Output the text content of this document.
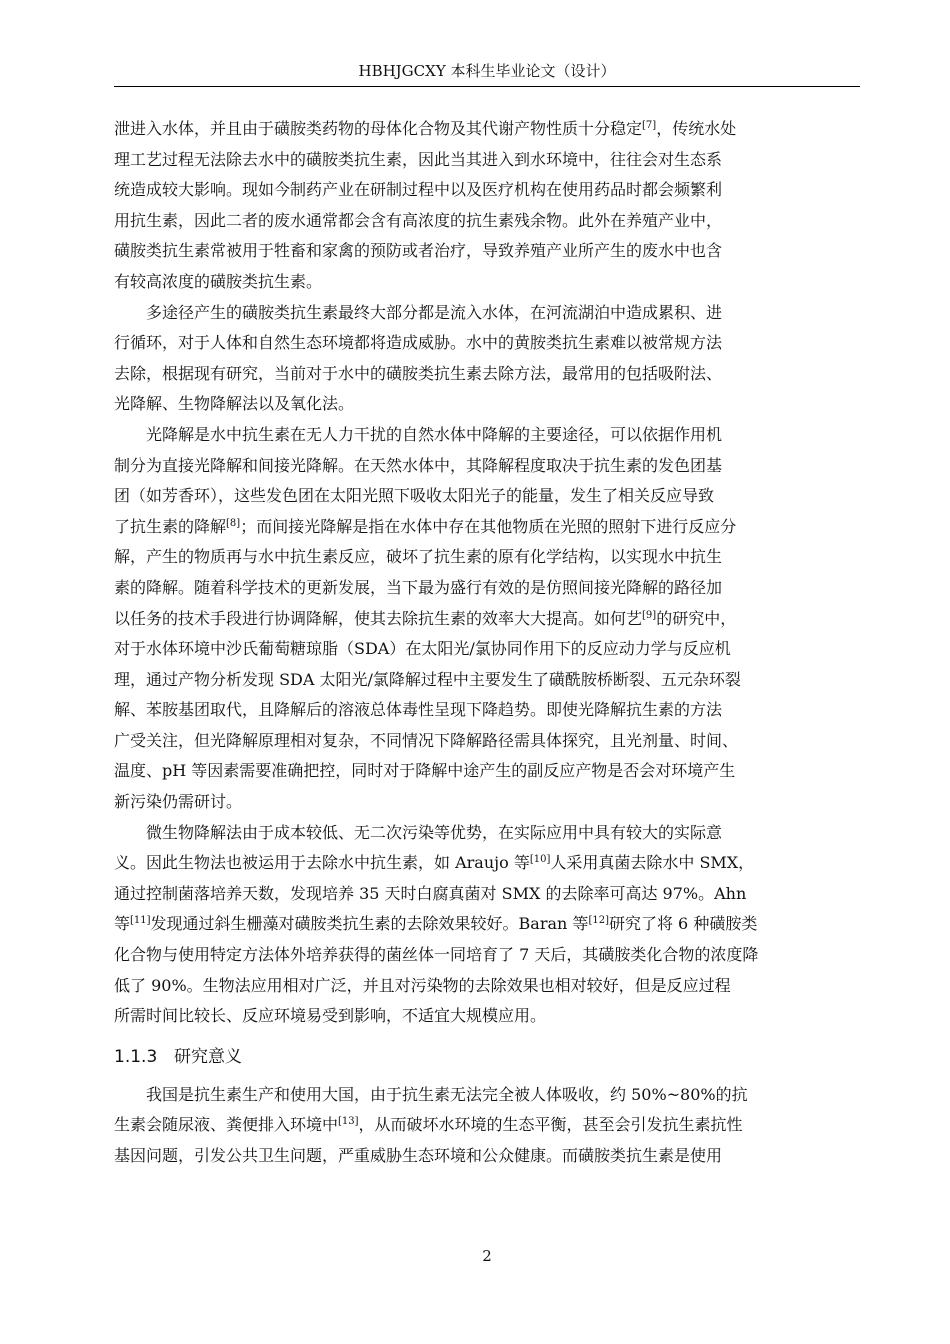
HBHJGCXY 本科生毕业论文（设计）
泄进入水体，并且由于磺胺类药物的母体化合物及其代谢产物性质十分稳定[7]，传统水处
理工艺过程无法除去水中的磺胺类抗生素，因此当其进入到水环境中，往往会对生态系
统造成较大影响。现如今制药产业在研制过程中以及医疗机构在使用药品时都会频繁利
用抗生素，因此二者的废水通常都会含有高浓度的抗生素残余物。此外在养殖产业中，
磺胺类抗生素常被用于牲畜和家禽的预防或者治疗，导致养殖产业所产生的废水中也含
有较高浓度的磺胺类抗生素。
多途径产生的磺胺类抗生素最终大部分都是流入水体，在河流湖泊中造成累积、进
行循环，对于人体和自然生态环境都将造成威胁。水中的黄胺类抗生素难以被常规方法
去除，根据现有研究，当前对于水中的磺胺类抗生素去除方法，最常用的包括吸附法、
光降解、生物降解法以及氧化法。
光降解是水中抗生素在无人力干扰的自然水体中降解的主要途径，可以依据作用机
制分为直接光降解和间接光降解。在天然水体中，其降解程度取决于抗生素的发色团基
团（如芳香环），这些发色团在太阳光照下吸收太阳光子的能量，发生了相关反应导致
了抗生素的降解[8]；而间接光降解是指在水体中存在其他物质在光照的照射下进行反应分
解，产生的物质再与水中抗生素反应，破坏了抗生素的原有化学结构，以实现水中抗生
素的降解。随着科学技术的更新发展，当下最为盛行有效的是仿照间接光降解的路径加
以任务的技术手段进行协调降解，使其去除抗生素的效率大大提高。如何艺[9]的研究中，
对于水体环境中沙氏葡萄糖琼脂（SDA）在太阳光/氯协同作用下的反应动力学与反应机
理，通过产物分析发现 SDA 太阳光/氯降解过程中主要发生了磺酰胺桥断裂、五元杂环裂
解、苯胺基团取代，且降解后的溶液总体毒性呈现下降趋势。即使光降解抗生素的方法
广受关注，但光降解原理相对复杂，不同情况下降解路径需具体探究，且光剂量、时间、
温度、pH 等因素需要准确把控，同时对于降解中途产生的副反应产物是否会对环境产生
新污染仍需研讨。
微生物降解法由于成本较低、无二次污染等优势，在实际应用中具有较大的实际意
义。因此生物法也被运用于去除水中抗生素，如 Araujo 等[10]人采用真菌去除水中 SMX，
通过控制菌落培养天数，发现培养 35 天时白腐真菌对 SMX 的去除率可高达 97%。Ahn
等[11]发现通过斜生栅藻对磺胺类抗生素的去除效果较好。Baran 等[12]研究了将 6 种磺胺类
化合物与使用特定方法体外培养获得的菌丝体一同培育了 7 天后，其磺胺类化合物的浓度降
低了 90%。生物法应用相对广泛，并且对污染物的去除效果也相对较好，但是反应过程
所需时间比较长、反应环境易受到影响，不适宜大规模应用。
1.1.3 研究意义
我国是抗生素生产和使用大国，由于抗生素无法完全被人体吸收，约 50%~80%的抗
生素会随尿液、粪便排入环境中[13]，从而破坏水环境的生态平衡，甚至会引发抗生素抗性
基因问题，引发公共卫生问题，严重威胁生态环境和公众健康。而磺胺类抗生素是使用
2
